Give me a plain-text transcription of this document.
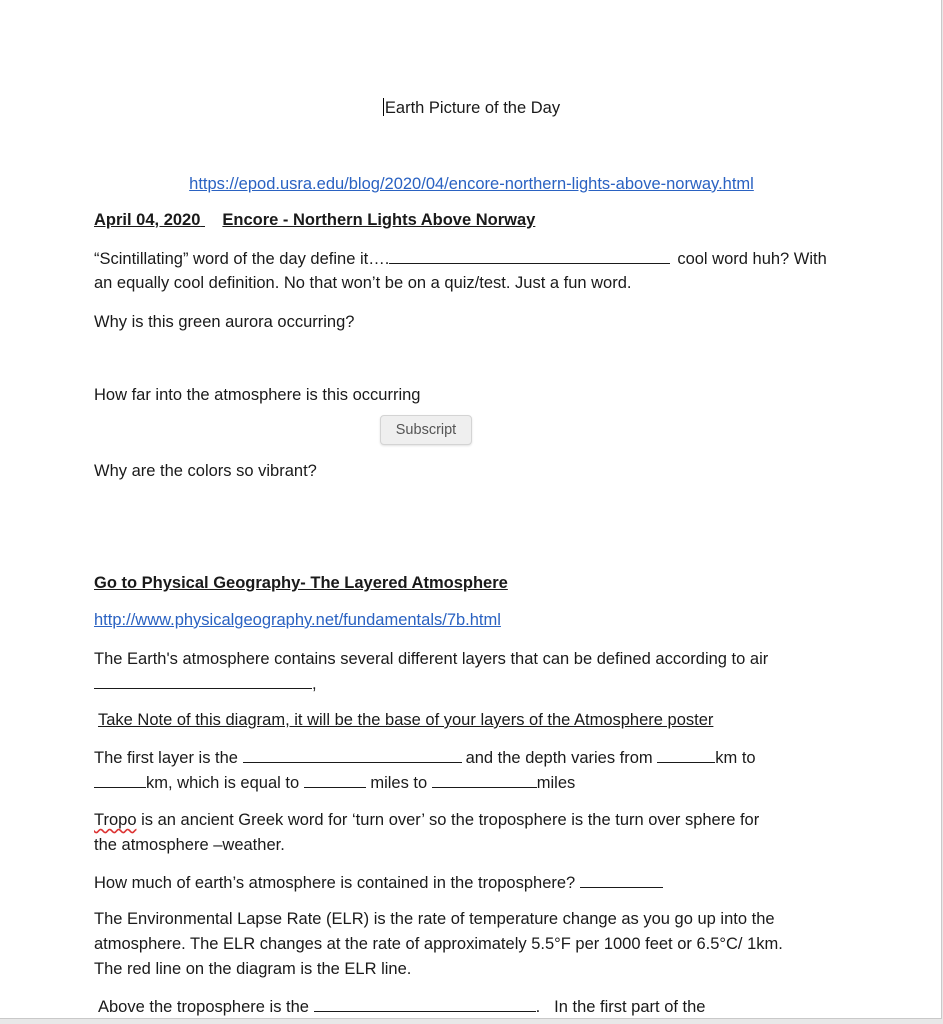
Earth Picture of the Day
https://epod.usra.edu/blog/2020/04/encore-northern-lights-above-norway.html
April 04, 2020 Encore - Northern Lights Above Norway
“Scintillating” word of the day define it….	cool word huh? With
an equally cool definition. No that won’t be on a quiz/test. Just a fun word.
Why is this green aurora occurring?
How far into the atmosphere is this occurring
Subscript
Why are the colors so vibrant?
Go to Physical Geography- The Layered Atmosphere
http://www.physicalgeography.net/fundamentals/7b.html
The Earth's atmosphere contains several different layers that can be defined according to air
,
Take Note of this diagram, it will be the base of your layers of the Atmosphere poster
The first layer is the	and the depth varies from	km to
km, which is equal to	miles to	miles
Tropo is an ancient Greek word for ‘turn over’ so the troposphere is the turn over sphere for
the atmosphere –weather.
How much of earth’s atmosphere is contained in the troposphere?
The Environmental Lapse Rate (ELR) is the rate of temperature change as you go up into the
atmosphere. The ELR changes at the rate of approximately 5.5°F per 1000 feet or 6.5°C/ 1km.
The red line on the diagram is the ELR line.
Above the troposphere is the	. In the first part of the
